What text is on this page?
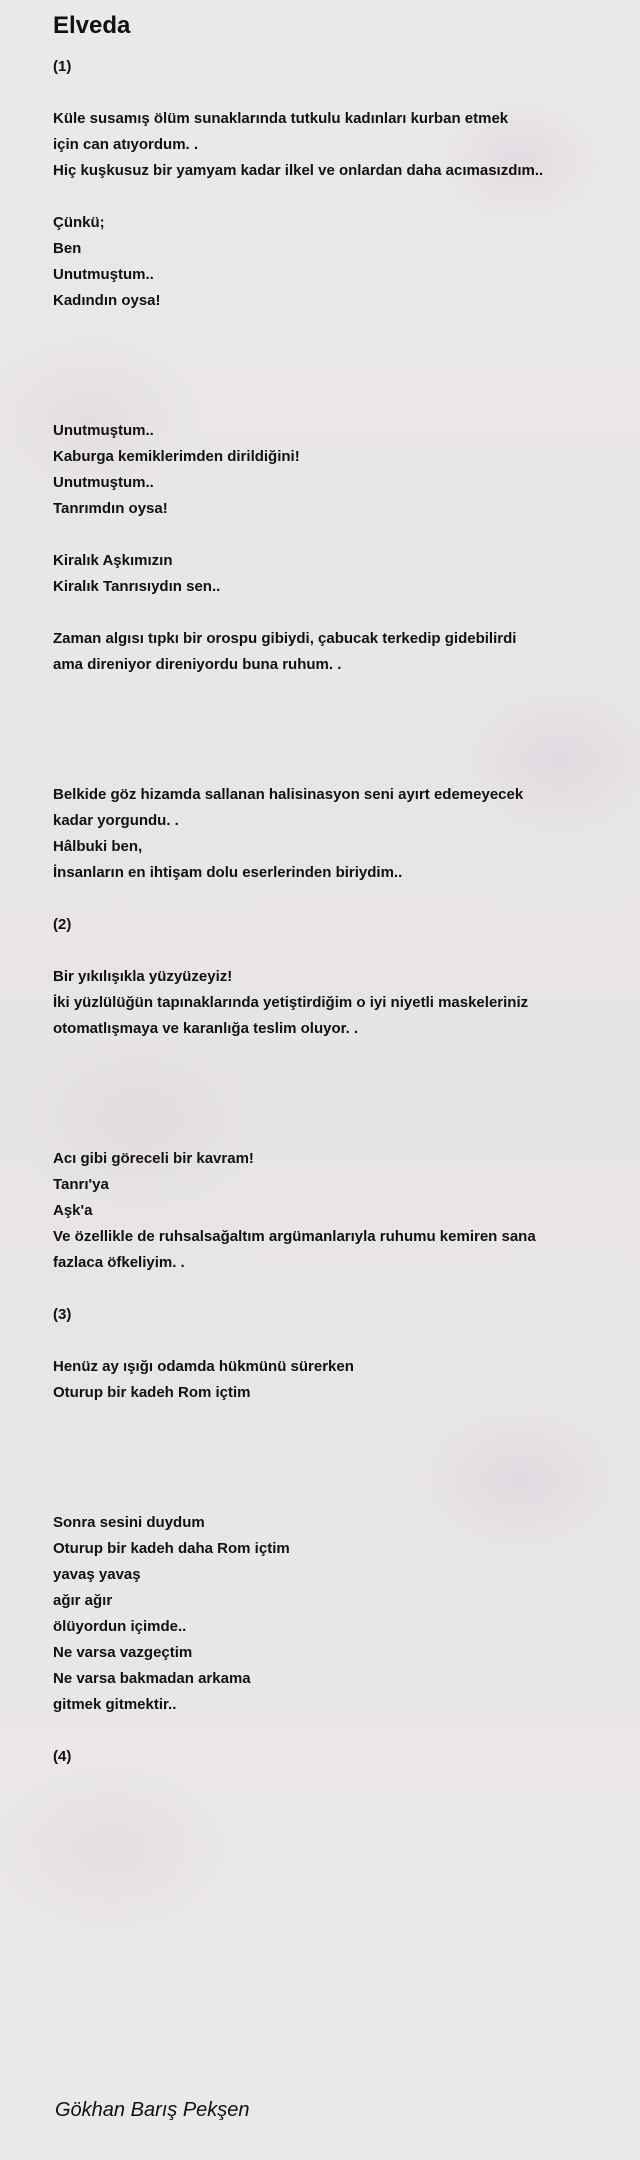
Elveda
(1)
Küle susamış ölüm sunaklarında tutkulu kadınları kurban etmek
için can atıyordum. .
Hiç kuşkusuz bir yamyam kadar ilkel ve onlardan daha acımasızdım..
Çünkü;
Ben
Unutmuştum..
Kadındın oysa!
Unutmuştum..
Kaburga kemiklerimden dirildiğini!
Unutmuştum..
Tanrımdın oysa!
Kiralık Aşkımızın
Kiralık Tanrısıydın sen..
Zaman algısı tıpkı bir orospu gibiydi, çabucak terkedip gidebilirdi
ama direniyor direniyordu buna ruhum. .
Belkide göz hizamda sallanan halisinasyon seni ayırt edemeyecek
kadar yorgundu. .
Hâlbuki ben,
İnsanların en ihtişam dolu eserlerinden biriydim..
(2)
Bir yıkılışıkla yüzyüzeyiz!
İki yüzlülüğün tapınaklarında yetiştirdiğim o iyi niyetli maskeleriniz
otomatlışmaya ve karanlığa teslim oluyor. .
Acı gibi göreceli bir kavram!
Tanrı'ya
Aşk'a
Ve özellikle de ruhsalsağaltım argümanlarıyla ruhumu kemiren sana
fazlaca öfkeliyim. .
(3)
Henüz ay ışığı odamda hükmünü sürerken
Oturup bir kadeh Rom içtim
Sonra sesini duydum
Oturup bir kadeh daha Rom içtim
yavaş yavaş
ağır ağır
ölüyordun içimde..
Ne varsa vazgeçtim
Ne varsa bakmadan arkama
gitmek gitmektir..
(4)
Gökhan Barış Pekşen
